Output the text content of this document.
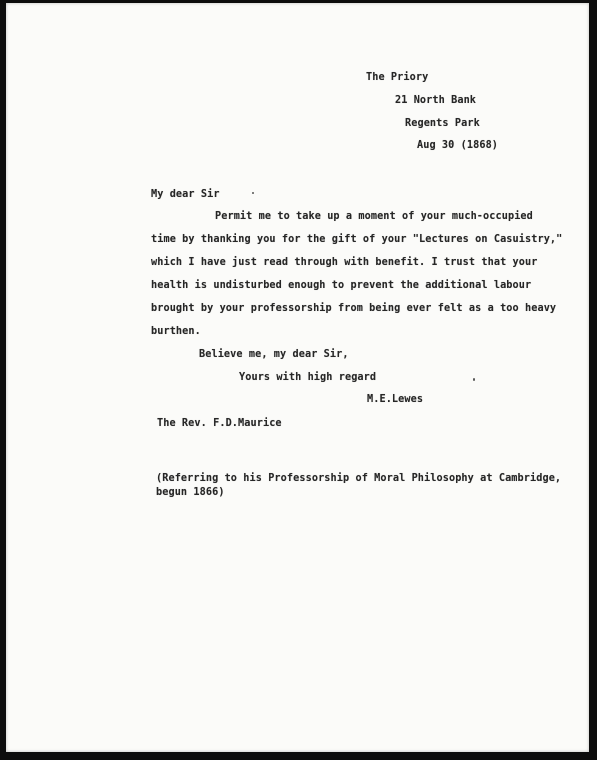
The Priory
21 North Bank
Regents Park
Aug 30 (1868)
My dear Sir
Permit me to take up a moment of your much-occupied
time by thanking you for the gift of your "Lectures on Casuistry,"
which I have just read through with benefit. I trust that your
health is undisturbed enough to prevent the additional labour
brought by your professorship from being ever felt as a too heavy
burthen.
Believe me, my dear Sir,
Yours with high regard
M.E.Lewes
The Rev. F.D.Maurice
(Referring to his Professorship of Moral Philosophy at Cambridge,
begun 1866)
